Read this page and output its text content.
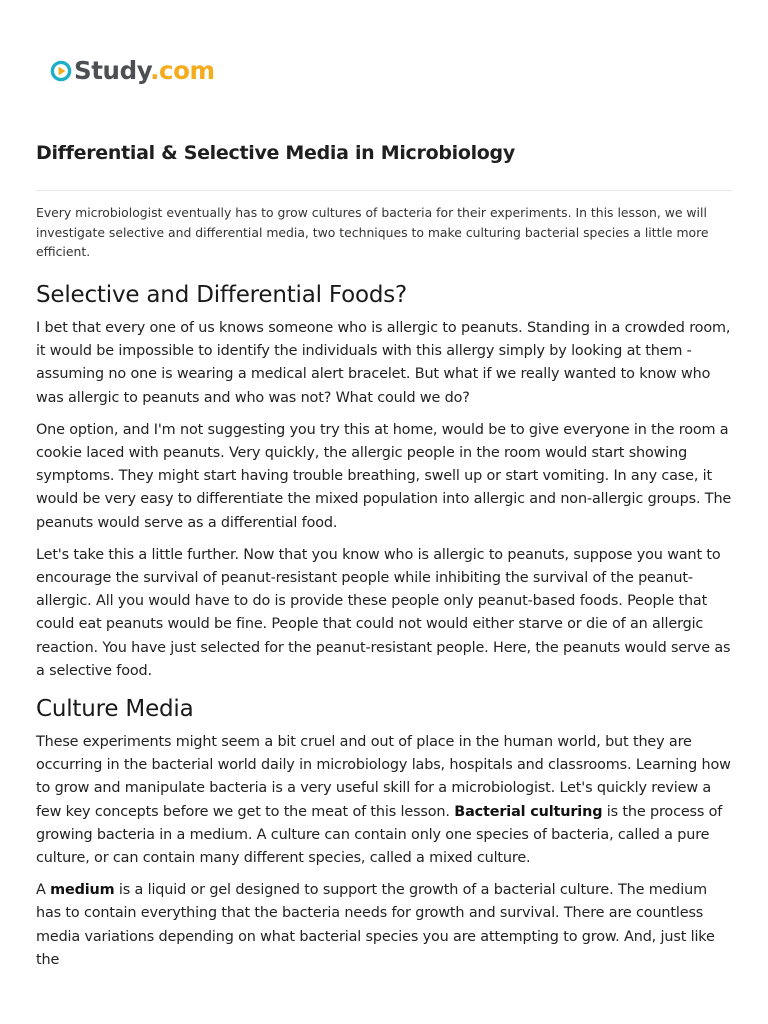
Study.com
Differential & Selective Media in Microbiology

Every microbiologist eventually has to grow cultures of bacteria for their experiments. In this lesson, we will investigate selective and differential media, two techniques to make culturing bacterial species a little more efficient.

Selective and Differential Foods?

I bet that every one of us knows someone who is allergic to peanuts. Standing in a crowded room, it would be impossible to identify the individuals with this allergy simply by looking at them - assuming no one is wearing a medical alert bracelet. But what if we really wanted to know who was allergic to peanuts and who was not? What could we do?

One option, and I'm not suggesting you try this at home, would be to give everyone in the room a cookie laced with peanuts. Very quickly, the allergic people in the room would start showing symptoms. They might start having trouble breathing, swell up or start vomiting. In any case, it would be very easy to differentiate the mixed population into allergic and non-allergic groups. The peanuts would serve as a differential food.

Let's take this a little further. Now that you know who is allergic to peanuts, suppose you want to encourage the survival of peanut-resistant people while inhibiting the survival of the peanut-allergic. All you would have to do is provide these people only peanut-based foods. People that could eat peanuts would be fine. People that could not would either starve or die of an allergic reaction. You have just selected for the peanut-resistant people. Here, the peanuts would serve as a selective food.

Culture Media

These experiments might seem a bit cruel and out of place in the human world, but they are occurring in the bacterial world daily in microbiology labs, hospitals and classrooms. Learning how to grow and manipulate bacteria is a very useful skill for a microbiologist. Let's quickly review a few key concepts before we get to the meat of this lesson. Bacterial culturing is the process of growing bacteria in a medium. A culture can contain only one species of bacteria, called a pure culture, or can contain many different species, called a mixed culture.

A medium is a liquid or gel designed to support the growth of a bacterial culture. The medium has to contain everything that the bacteria needs for growth and survival. There are countless media variations depending on what bacterial species you are attempting to grow. And, just like the
